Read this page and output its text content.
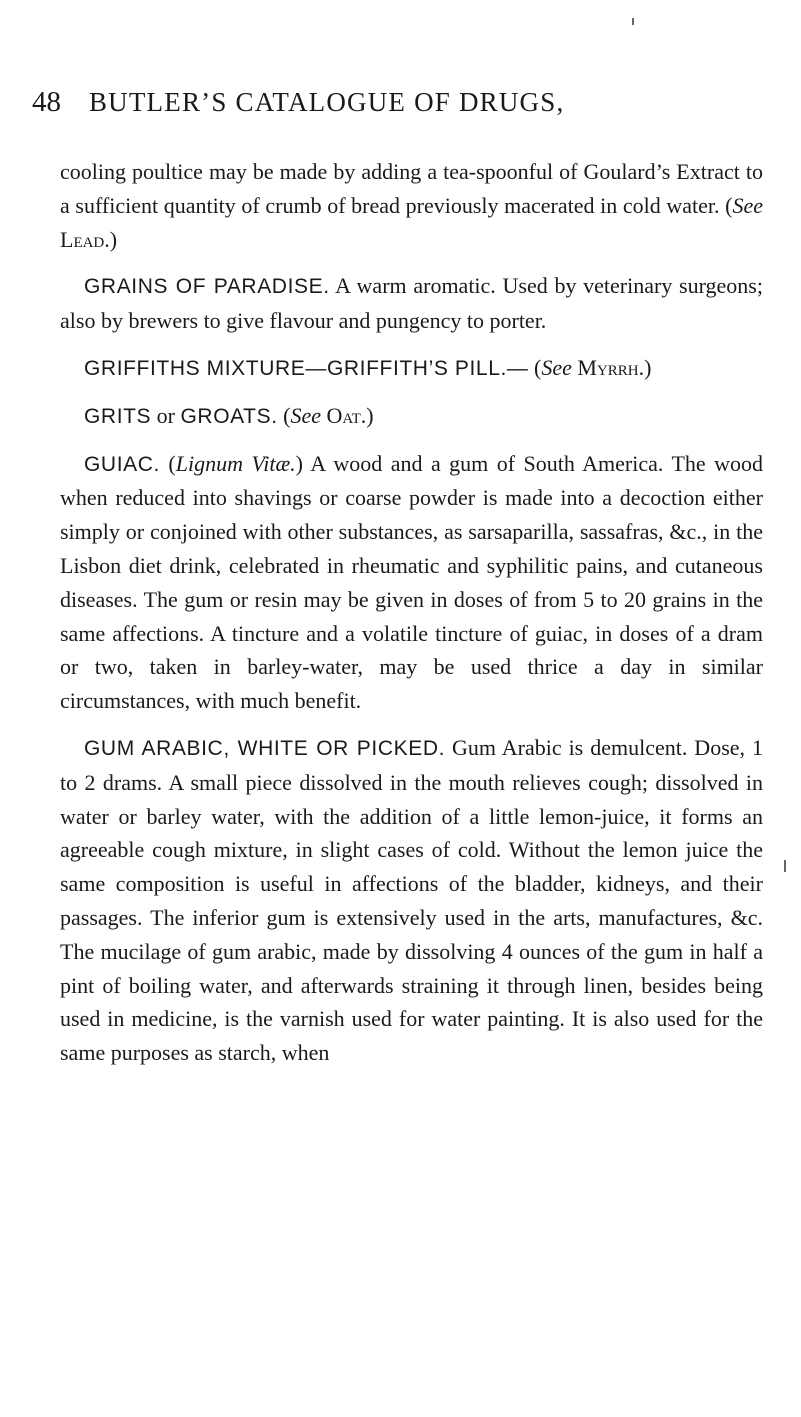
48 BUTLER’S CATALOGUE OF DRUGS,

cooling poultice may be made by adding a tea-spoonful of Goulard’s Extract to a sufficient quantity of crumb of bread previously macerated in cold water. (See Lead.)

GRAINS OF PARADISE. A warm aromatic. Used by veterinary surgeons; also by brewers to give flavour and pungency to porter.

GRIFFITHS MIXTURE—GRIFFITH’S PILL.— (See Myrrh.)

GRITS or GROATS. (See Oat.)

GUIAC. (Lignum Vitæ.) A wood and a gum of South America. The wood when reduced into shavings or coarse powder is made into a decoction either simply or conjoined with other substances, as sarsaparilla, sassafras, &c., in the Lisbon diet drink, celebrated in rheumatic and syphilitic pains, and cutaneous diseases. The gum or resin may be given in doses of from 5 to 20 grains in the same affections. A tincture and a volatile tincture of guiac, in doses of a dram or two, taken in barley-water, may be used thrice a day in similar circumstances, with much benefit.

GUM ARABIC, WHITE OR PICKED. Gum Arabic is demulcent. Dose, 1 to 2 drams. A small piece dissolved in the mouth relieves cough; dissolved in water or barley water, with the addition of a little lemon-juice, it forms an agreeable cough mixture, in slight cases of cold. Without the lemon juice the same composition is useful in affections of the bladder, kidneys, and their passages. The inferior gum is extensively used in the arts, manufactures, &c. The mucilage of gum arabic, made by dissolving 4 ounces of the gum in half a pint of boiling water, and afterwards straining it through linen, besides being used in medicine, is the varnish used for water painting. It is also used for the same purposes as starch, when
